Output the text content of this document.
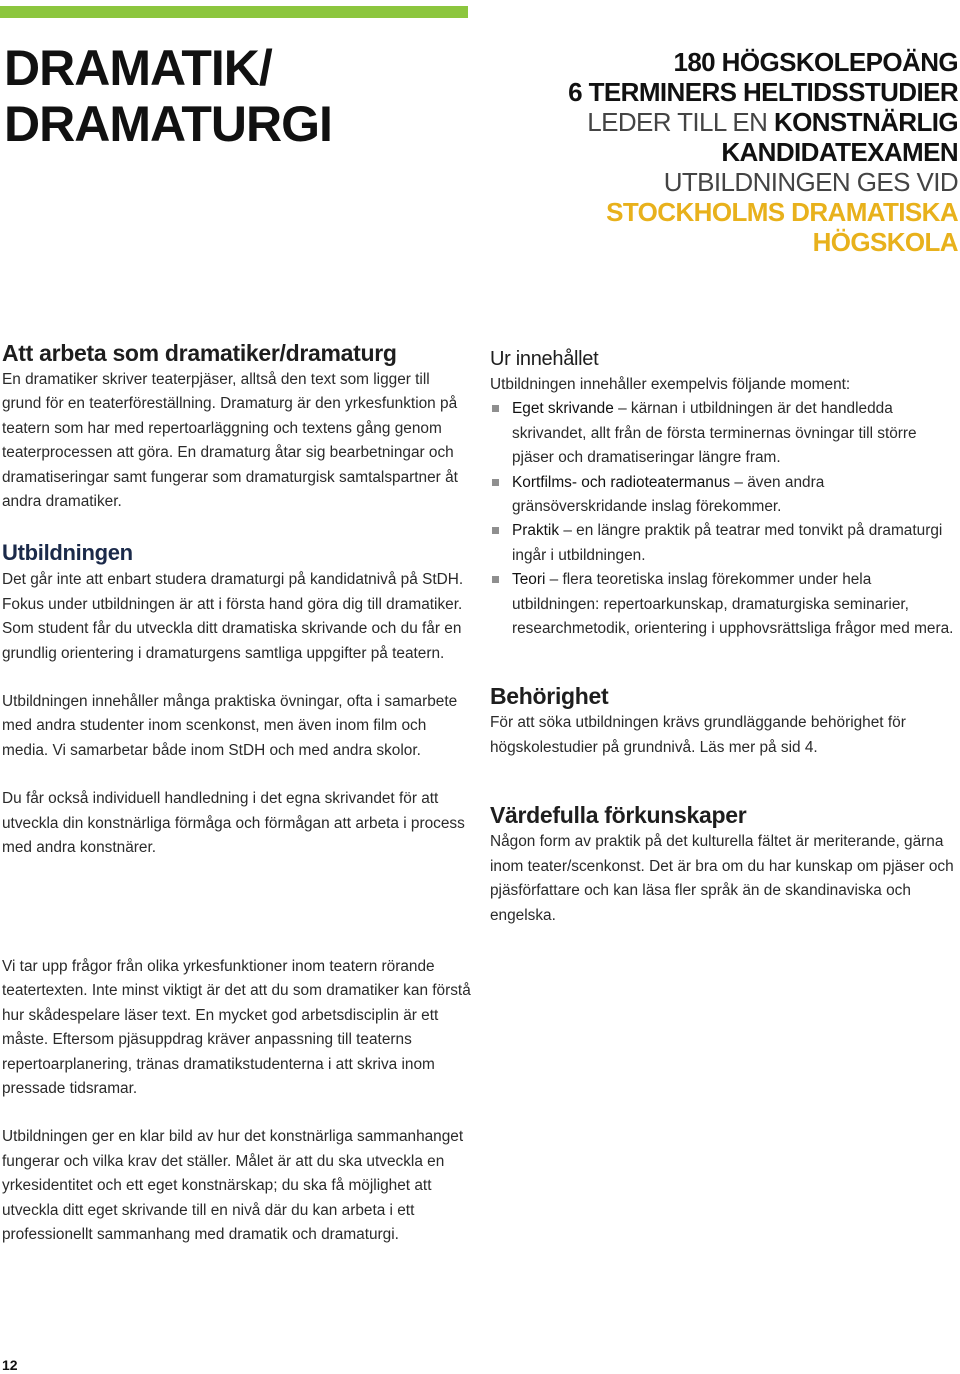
DRAMATIK/
DRAMATURGI
180 HÖGSKOLEPOÄNG
6 TERMINERS HELTIDSSTUDIER
LEDER TILL EN KONSTNÄRLIG
KANDIDATEXAMEN
UTBILDNINGEN GES VID
STOCKHOLMS DRAMATISKA
HÖGSKOLA
Att arbeta som dramatiker/dramaturg

En dramatiker skriver teaterpjäser, alltså den text som ligger till grund för en teaterföreställning. Dramaturg är den yrkesfunktion på teatern som har med repertoarläggning och textens gång genom teaterprocessen att göra. En dramaturg åtar sig bearbetningar och dramatiseringar samt fungerar som dramaturgisk samtalspartner åt andra dramatiker.

Utbildningen

Det går inte att enbart studera dramaturgi på kandidatnivå på StDH. Fokus under utbildningen är att i första hand göra dig till dramatiker. Som student får du utveckla ditt dramatiska skrivande och du får en grundlig orientering i dramaturgens samtliga uppgifter på teatern.

Utbildningen innehåller många praktiska övningar, ofta i samarbete med andra studenter inom scenkonst, men även inom film och media. Vi samarbetar både inom StDH och med andra skolor.

Du får också individuell handledning i det egna skrivandet för att utveckla din konstnärliga förmåga och förmågan att arbeta i process med andra konstnärer.

Vi tar upp frågor från olika yrkesfunktioner inom teatern rörande teatertexten. Inte minst viktigt är det att du som dramatiker kan förstå hur skådespelare läser text. En mycket god arbetsdisciplin är ett måste. Eftersom pjäsuppdrag kräver anpassning till teaterns repertoarplanering, tränas dramatikstudenterna i att skriva inom pressade tidsramar.

Utbildningen ger en klar bild av hur det konstnärliga sammanhanget fungerar och vilka krav det ställer. Målet är att du ska utveckla en yrkesidentitet och ett eget konstnärskap; du ska få möjlighet att utveckla ditt eget skrivande till en nivå där du kan arbeta i ett professionellt sammanhang med dramatik och dramaturgi.

Ur innehållet

Utbildningen innehåller exempelvis följande moment:

Eget skrivande – kärnan i utbildningen är det handledda skrivandet, allt från de första terminernas övningar till större pjäser och dramatiseringar längre fram.
Kortfilms- och radioteatermanus – även andra gränsöverskridande inslag förekommer.
Praktik – en längre praktik på teatrar med tonvikt på dramaturgi ingår i utbildningen.
Teori – flera teoretiska inslag förekommer under hela utbildningen: repertoarkunskap, dramaturgiska seminarier, researchmetodik, orientering i upphovsrättsliga frågor med mera.
Behörighet

För att söka utbildningen krävs grundläggande behörighet för högskolestudier på grundnivå. Läs mer på sid 4.

Värdefulla förkunskaper

Någon form av praktik på det kulturella fältet är meriterande, gärna inom teater/scenkonst. Det är bra om du har kunskap om pjäser och pjäsförfattare och kan läsa fler språk än de skandinaviska och engelska.

12
